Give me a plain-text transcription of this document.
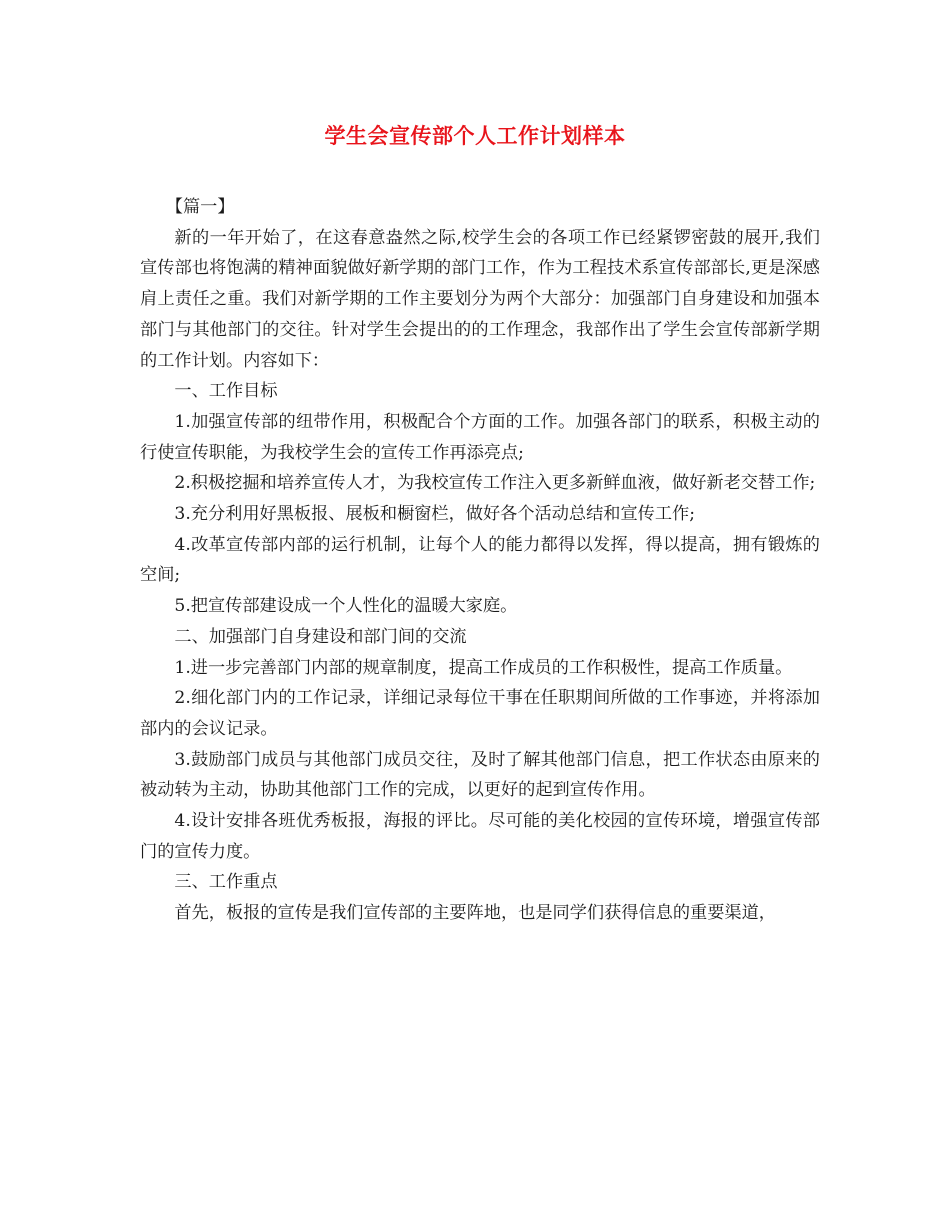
学生会宣传部个人工作计划样本

【篇一】

新的一年开始了，在这春意盎然之际,校学生会的各项工作已经紧锣密鼓的展开,我们宣传部也将饱满的精神面貌做好新学期的部门工作，作为工程技术系宣传部部长,更是深感肩上责任之重。我们对新学期的工作主要划分为两个大部分：加强部门自身建设和加强本部门与其他部门的交往。针对学生会提出的的工作理念，我部作出了学生会宣传部新学期的工作计划。内容如下：

一、工作目标

1.加强宣传部的纽带作用，积极配合个方面的工作。加强各部门的联系，积极主动的行使宣传职能，为我校学生会的宣传工作再添亮点;

2.积极挖掘和培养宣传人才，为我校宣传工作注入更多新鲜血液，做好新老交替工作;

3.充分利用好黑板报、展板和橱窗栏，做好各个活动总结和宣传工作;

4.改革宣传部内部的运行机制，让每个人的能力都得以发挥，得以提高，拥有锻炼的空间;

5.把宣传部建设成一个人性化的温暖大家庭。

二、加强部门自身建设和部门间的交流

1.进一步完善部门内部的规章制度，提高工作成员的工作积极性，提高工作质量。

2.细化部门内的工作记录，详细记录每位干事在任职期间所做的工作事迹，并将添加部内的会议记录。

3.鼓励部门成员与其他部门成员交往，及时了解其他部门信息，把工作状态由原来的被动转为主动，协助其他部门工作的完成，以更好的起到宣传作用。

4.设计安排各班优秀板报，海报的评比。尽可能的美化校园的宣传环境，增强宣传部门的宣传力度。

三、工作重点

首先，板报的宣传是我们宣传部的主要阵地，也是同学们获得信息的重要渠道，
